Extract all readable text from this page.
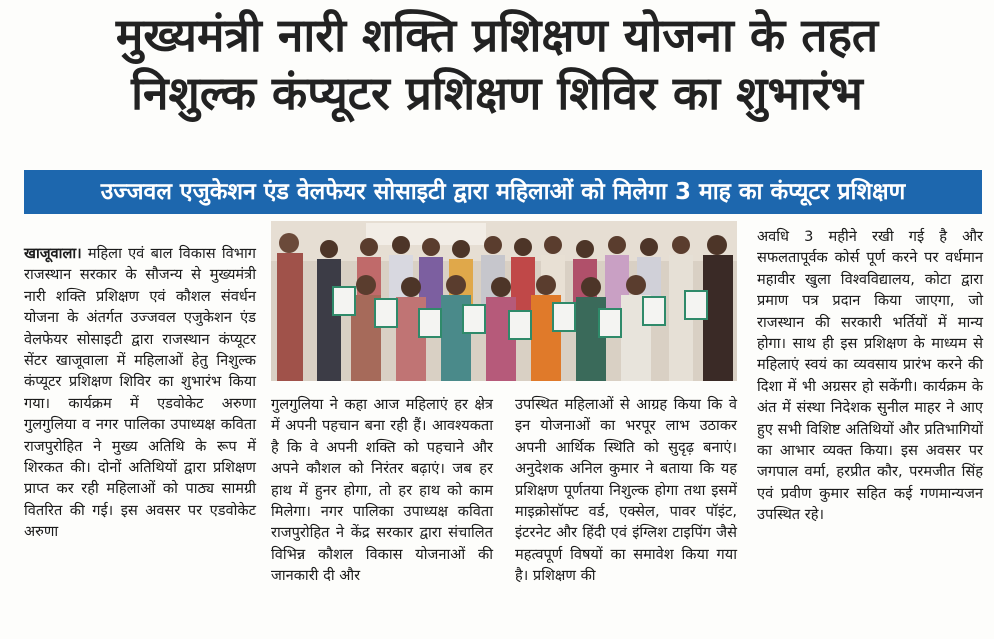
मुख्यमंत्री नारी शक्ति प्रशिक्षण योजना के तहत
निशुल्क कंप्यूटर प्रशिक्षण शिविर का शुभारंभ
उज्जवल एजुकेशन एंड वेलफेयर सोसाइटी द्वारा महिलाओं को मिलेगा 3 माह का कंप्यूटर प्रशिक्षण

खाजूवाला। महिला एवं बाल विकास विभाग राजस्थान सरकार के सौजन्य से मुख्यमंत्री नारी शक्ति प्रशिक्षण एवं कौशल संवर्धन योजना के अंतर्गत उज्जवल एजुकेशन एंड वेलफेयर सोसाइटी द्वारा राजस्थान कंप्यूटर सेंटर खाजूवाला में महिलाओं हेतु निशुल्क कंप्यूटर प्रशिक्षण शिविर का शुभारंभ किया गया। कार्यक्रम में एडवोकेट अरुणा गुलगुलिया व नगर पालिका उपाध्यक्ष कविता राजपुरोहित ने मुख्य अतिथि के रूप में शिरकत की। दोनों अतिथियों द्वारा प्रशिक्षण प्राप्त कर रही महिलाओं को पाठ्य सामग्री वितरित की गई। इस अवसर पर एडवोकेट अरुणा

गुलगुलिया ने कहा आज महिलाएं हर क्षेत्र में अपनी पहचान बना रही हैं। आवश्यकता है कि वे अपनी शक्ति को पहचाने और अपने कौशल को निरंतर बढ़ाएं। जब हर हाथ में हुनर होगा, तो हर हाथ को काम मिलेगा। नगर पालिका उपाध्यक्ष कविता राजपुरोहित ने केंद्र सरकार द्वारा संचालित विभिन्न कौशल विकास योजनाओं की जानकारी दी और

उपस्थित महिलाओं से आग्रह किया कि वे इन योजनाओं का भरपूर लाभ उठाकर अपनी आर्थिक स्थिति को सुदृढ़ बनाएं। अनुदेशक अनिल कुमार ने बताया कि यह प्रशिक्षण पूर्णतया निशुल्क होगा तथा इसमें माइक्रोसॉफ्ट वर्ड, एक्सेल, पावर पॉइंट, इंटरनेट और हिंदी एवं इंग्लिश टाइपिंग जैसे महत्वपूर्ण विषयों का समावेश किया गया है। प्रशिक्षण की

अवधि 3 महीने रखी गई है और सफलतापूर्वक कोर्स पूर्ण करने पर वर्धमान महावीर खुला विश्वविद्यालय, कोटा द्वारा प्रमाण पत्र प्रदान किया जाएगा, जो राजस्थान की सरकारी भर्तियों में मान्य होगा। साथ ही इस प्रशिक्षण के माध्यम से महिलाएं स्वयं का व्यवसाय प्रारंभ करने की दिशा में भी अग्रसर हो सकेंगी। कार्यक्रम के अंत में संस्था निदेशक सुनील माहर ने आए हुए सभी विशिष्ट अतिथियों और प्रतिभागियों का आभार व्यक्त किया। इस अवसर पर जगपाल वर्मा, हरप्रीत कौर, परमजीत सिंह एवं प्रवीण कुमार सहित कई गणमान्यजन उपस्थित रहे।
